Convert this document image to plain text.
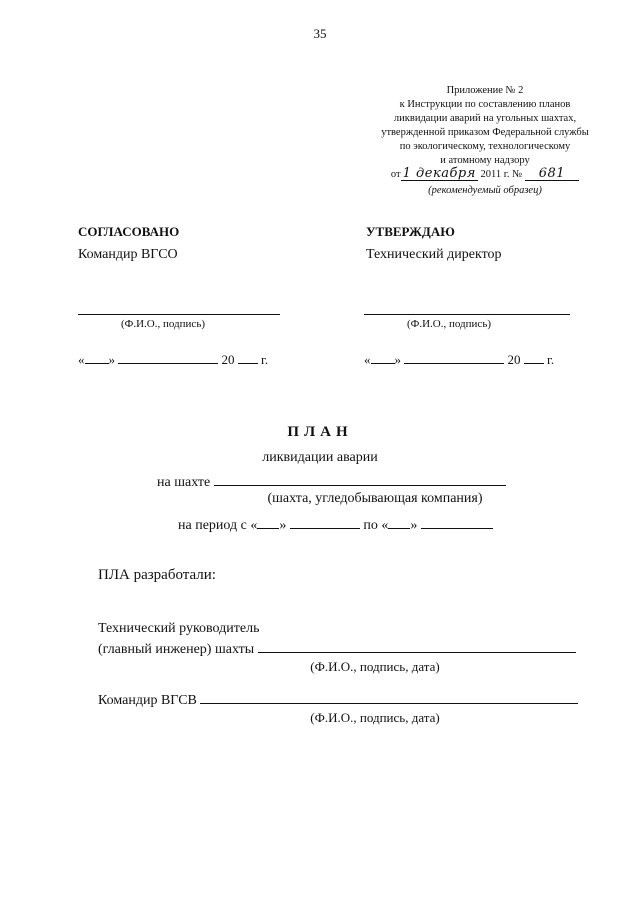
35
Приложение № 2
к Инструкции по составлению планов
ликвидации аварий на угольных шахтах,
утвержденной приказом Федеральной службы
по экологическому, технологическому
и атомному надзору
от 1 декабря 2011 г. № 681
(рекомендуемый образец)
СОГЛАСОВАНО
Командир ВГСО
(Ф.И.О., подпись)
« »	20 г.
УТВЕРЖДАЮ
Технический директор
(Ф.И.О., подпись)
« »	20 г.
ПЛАН
ликвидации аварии
на шахте
(шахта, угледобывающая компания)
на период с « »	по « »
ПЛА разработали:
Технический руководитель
(главный инженер) шахты
(Ф.И.О., подпись, дата)
Командир ВГСВ
(Ф.И.О., подпись, дата)
